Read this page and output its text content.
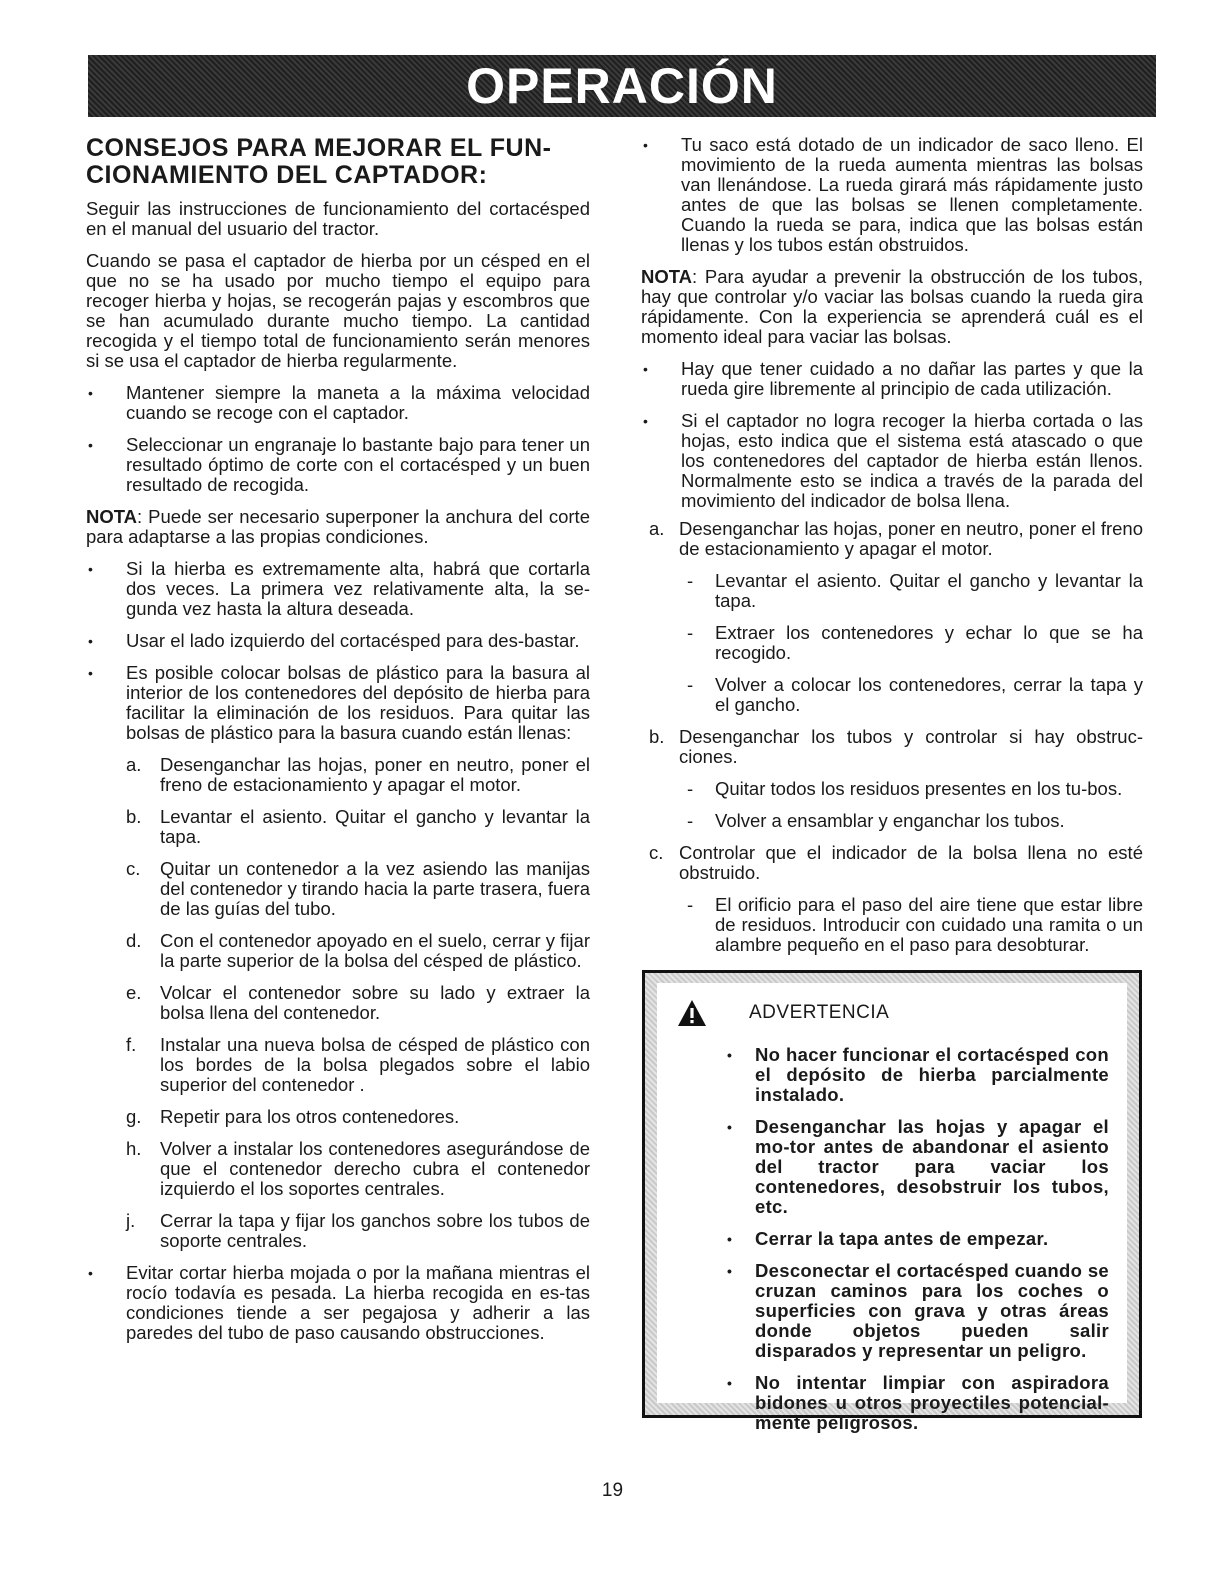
OPERACIÓN
CONSEJOS PARA MEJORAR EL FUN-CIONAMIENTO DEL CAPTADOR:

Seguir las instrucciones de funcionamiento del cortacésped en el manual del usuario del tractor.

Cuando se pasa el captador de hierba por un césped en el que no se ha usado por mucho tiempo el equipo para recoger hierba y hojas, se recogerán pajas y escombros que se han acumulado durante mucho tiempo. La cantidad recogida y el tiempo total de funcionamiento serán menores si se usa el captador de hierba regularmente.

• Mantener siempre la maneta a la máxima velocidad cuando se recoge con el captador.
• Seleccionar un engranaje lo bastante bajo para tener un resultado óptimo de corte con el cortacésped y un buen resultado de recogida.

NOTA: Puede ser necesario superponer la anchura del corte para adaptarse a las propias condiciones.

• Si la hierba es extremamente alta, habrá que cortarla dos veces. La primera vez relativamente alta, la se-gunda vez hasta la altura deseada.
• Usar el lado izquierdo del cortacésped para des-bastar.
• Es posible colocar bolsas de plástico para la basura al interior de los contenedores del depósito de hierba para facilitar la eliminación de los residuos. Para quitar las bolsas de plástico para la basura cuando están llenas:
a. Desenganchar las hojas, poner en neutro, poner el freno de estacionamiento y apagar el motor.
b. Levantar el asiento. Quitar el gancho y levantar la tapa.
c. Quitar un contenedor a la vez asiendo las manijas del contenedor y tirando hacia la parte trasera, fuera de las guías del tubo.
d. Con el contenedor apoyado en el suelo, cerrar y fijar la parte superior de la bolsa del césped de plástico.
e. Volcar el contenedor sobre su lado y extraer la bolsa llena del contenedor.
f. Instalar una nueva bolsa de césped de plástico con los bordes de la bolsa plegados sobre el labio superior del contenedor .
g. Repetir para los otros contenedores.
h. Volver a instalar los contenedores asegurándose de que el contenedor derecho cubra el contenedor izquierdo el los soportes centrales.
j. Cerrar la tapa y fijar los ganchos sobre los tubos de soporte centrales.
• Evitar cortar hierba mojada o por la mañana mientras el rocío todavía es pesada. La hierba recogida en es-tas condiciones tiende a ser pegajosa y adherir a las paredes del tubo de paso causando obstrucciones.
• Tu saco está dotado de un indicador de saco lleno. El movimiento de la rueda aumenta mientras las bolsas van llenándose. La rueda girará más rápidamente justo antes de que las bolsas se llenen completamente. Cuando la rueda se para, indica que las bolsas están llenas y los tubos están obstruidos.

NOTA: Para ayudar a prevenir la obstrucción de los tubos, hay que controlar y/o vaciar las bolsas cuando la rueda gira rápidamente. Con la experiencia se aprenderá cuál es el momento ideal para vaciar las bolsas.

• Hay que tener cuidado a no dañar las partes y que la rueda gire libremente al principio de cada utilización.
• Si el captador no logra recoger la hierba cortada o las hojas, esto indica que el sistema está atascado o que los contenedores del captador de hierba están llenos. Normalmente esto se indica a través de la parada del movimiento del indicador de bolsa llena.
a. Desenganchar las hojas, poner en neutro, poner el freno de estacionamiento y apagar el motor.
- Levantar el asiento. Quitar el gancho y levantar la tapa.
- Extraer los contenedores y echar lo que se ha recogido.
- Volver a colocar los contenedores, cerrar la tapa y el gancho.
b. Desenganchar los tubos y controlar si hay obstruc-ciones.
- Quitar todos los residuos presentes en los tu-bos.
- Volver a ensamblar y enganchar los tubos.
c. Controlar que el indicador de la bolsa llena no esté obstruido.
- El orificio para el paso del aire tiene que estar libre de residuos. Introducir con cuidado una ramita o un alambre pequeño en el paso para desobturar.
ADVERTENCIA
• No hacer funcionar el cortacésped con el depósito de hierba parcialmente instalado.
• Desenganchar las hojas y apagar el mo-tor antes de abandonar el asiento del tractor para vaciar los contenedores, desobstruir los tubos, etc.
• Cerrar la tapa antes de empezar.
• Desconectar el cortacésped cuando se cruzan caminos para los coches o superficies con grava y otras áreas donde objetos pueden salir disparados y representar un peligro.
• No intentar limpiar con aspiradora bidones u otros proyectiles potencial-mente peligrosos.
19
